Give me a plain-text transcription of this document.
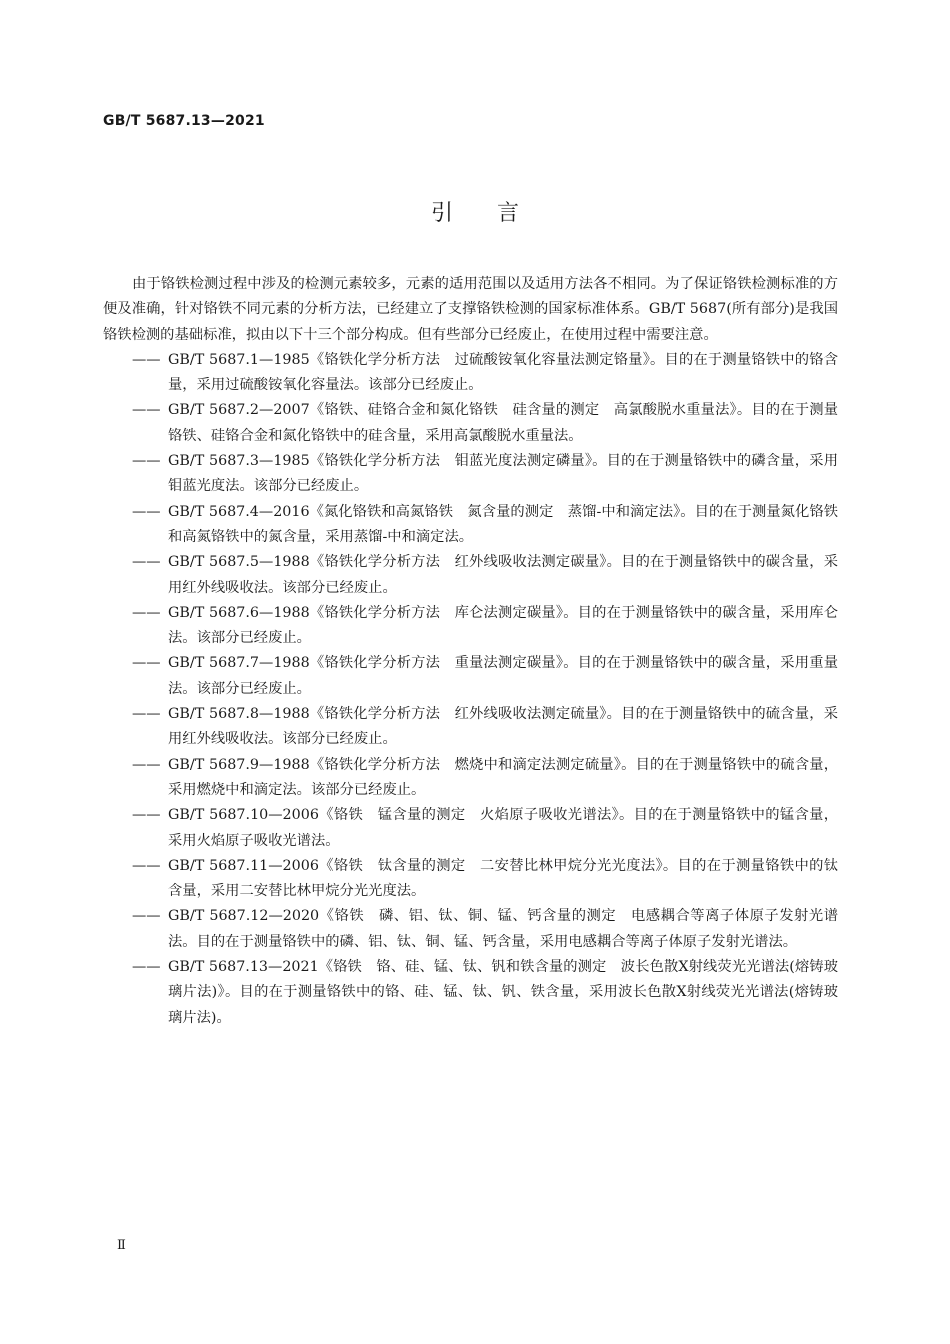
GB/T 5687.13—2021
引言

由于铬铁检测过程中涉及的检测元素较多，元素的适用范围以及适用方法各不相同。为了保证铬铁检测标准的方便及准确，针对铬铁不同元素的分析方法，已经建立了支撑铬铁检测的国家标准体系。GB/T 5687(所有部分)是我国铬铁检测的基础标准，拟由以下十三个部分构成。但有些部分已经废止，在使用过程中需要注意。

—— GB/T 5687.1—1985《铬铁化学分析方法　过硫酸铵氧化容量法测定铬量》。目的在于测量铬铁中的铬含量，采用过硫酸铵氧化容量法。该部分已经废止。
—— GB/T 5687.2—2007《铬铁、硅铬合金和氮化铬铁　硅含量的测定　高氯酸脱水重量法》。目的在于测量铬铁、硅铬合金和氮化铬铁中的硅含量，采用高氯酸脱水重量法。
—— GB/T 5687.3—1985《铬铁化学分析方法　钼蓝光度法测定磷量》。目的在于测量铬铁中的磷含量，采用钼蓝光度法。该部分已经废止。
—— GB/T 5687.4—2016《氮化铬铁和高氮铬铁　氮含量的测定　蒸馏-中和滴定法》。目的在于测量氮化铬铁和高氮铬铁中的氮含量，采用蒸馏-中和滴定法。
—— GB/T 5687.5—1988《铬铁化学分析方法　红外线吸收法测定碳量》。目的在于测量铬铁中的碳含量，采用红外线吸收法。该部分已经废止。
—— GB/T 5687.6—1988《铬铁化学分析方法　库仑法测定碳量》。目的在于测量铬铁中的碳含量，采用库仑法。该部分已经废止。
—— GB/T 5687.7—1988《铬铁化学分析方法　重量法测定碳量》。目的在于测量铬铁中的碳含量，采用重量法。该部分已经废止。
—— GB/T 5687.8—1988《铬铁化学分析方法　红外线吸收法测定硫量》。目的在于测量铬铁中的硫含量，采用红外线吸收法。该部分已经废止。
—— GB/T 5687.9—1988《铬铁化学分析方法　燃烧中和滴定法测定硫量》。目的在于测量铬铁中的硫含量，采用燃烧中和滴定法。该部分已经废止。
—— GB/T 5687.10—2006《铬铁　锰含量的测定　火焰原子吸收光谱法》。目的在于测量铬铁中的锰含量，采用火焰原子吸收光谱法。
—— GB/T 5687.11—2006《铬铁　钛含量的测定　二安替比林甲烷分光光度法》。目的在于测量铬铁中的钛含量，采用二安替比林甲烷分光光度法。
—— GB/T 5687.12—2020《铬铁　磷、铝、钛、铜、锰、钙含量的测定　电感耦合等离子体原子发射光谱法。目的在于测量铬铁中的磷、铝、钛、铜、锰、钙含量，采用电感耦合等离子体原子发射光谱法。
—— GB/T 5687.13—2021《铬铁　铬、硅、锰、钛、钒和铁含量的测定　波长色散X射线荧光光谱法(熔铸玻璃片法)》。目的在于测量铬铁中的铬、硅、锰、钛、钒、铁含量，采用波长色散X射线荧光光谱法(熔铸玻璃片法)。
Ⅱ
